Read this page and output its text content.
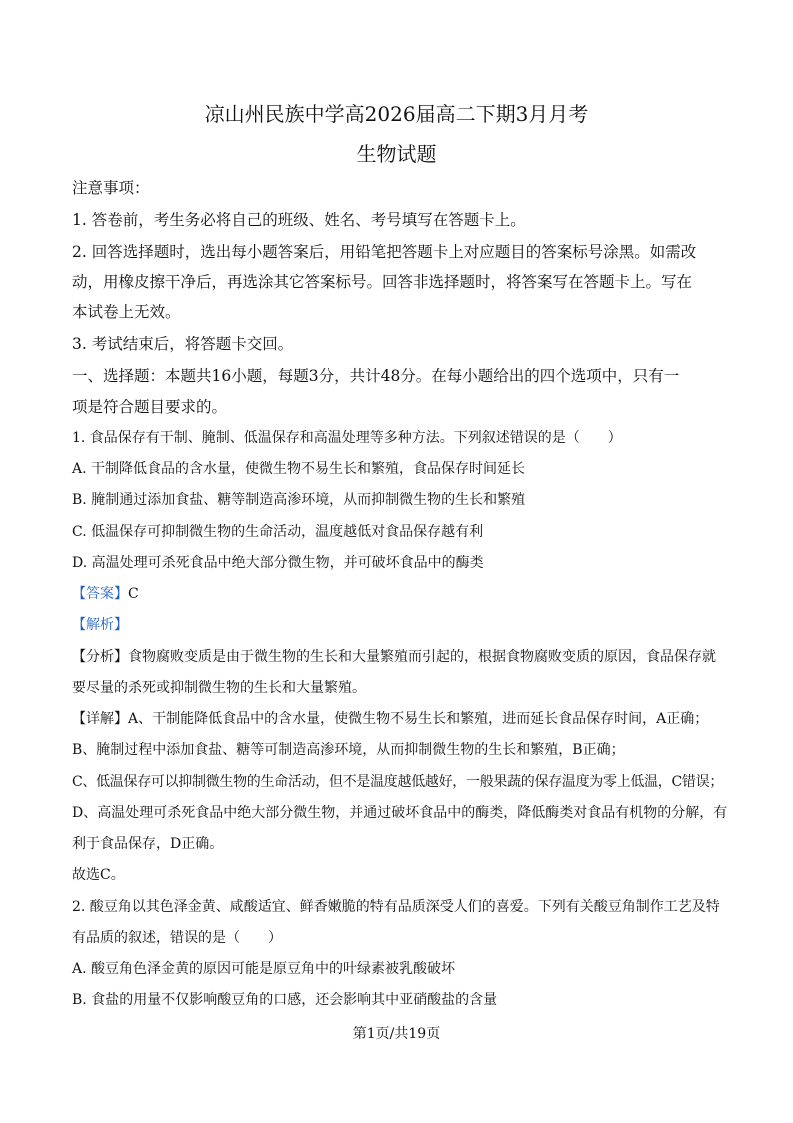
凉山州民族中学高2026届高二下期3月月考
生物试题
注意事项：
1. 答卷前，考生务必将自己的班级、姓名、考号填写在答题卡上。
2. 回答选择题时，选出每小题答案后，用铅笔把答题卡上对应题目的答案标号涂黑。如需改
动，用橡皮擦干净后，再选涂其它答案标号。回答非选择题时，将答案写在答题卡上。写在
本试卷上无效。
3. 考试结束后，将答题卡交回。
一、选择题：本题共16小题，每题3分，共计48分。在每小题给出的四个选项中，只有一
项是符合题目要求的。
1. 食品保存有干制、腌制、低温保存和高温处理等多种方法。下列叙述错误的是（　　）
A. 干制降低食品的含水量，使微生物不易生长和繁殖，食品保存时间延长
B. 腌制通过添加食盐、糖等制造高渗环境，从而抑制微生物的生长和繁殖
C. 低温保存可抑制微生物的生命活动，温度越低对食品保存越有利
D. 高温处理可杀死食品中绝大部分微生物，并可破坏食品中的酶类
【答案】C
【解析】
【分析】食物腐败变质是由于微生物的生长和大量繁殖而引起的，根据食物腐败变质的原因，食品保存就
要尽量的杀死或抑制微生物的生长和大量繁殖。
【详解】A、干制能降低食品中的含水量，使微生物不易生长和繁殖，进而延长食品保存时间，A正确；
B、腌制过程中添加食盐、糖等可制造高渗环境，从而抑制微生物的生长和繁殖，B正确；
C、低温保存可以抑制微生物的生命活动，但不是温度越低越好，一般果蔬的保存温度为零上低温，C错误；
D、高温处理可杀死食品中绝大部分微生物，并通过破坏食品中的酶类，降低酶类对食品有机物的分解，有
利于食品保存，D正确。
故选C。
2. 酸豆角以其色泽金黄、咸酸适宜、鲜香嫩脆的特有品质深受人们的喜爱。下列有关酸豆角制作工艺及特
有品质的叙述，错误的是（　　）
A. 酸豆角色泽金黄的原因可能是原豆角中的叶绿素被乳酸破坏
B. 食盐的用量不仅影响酸豆角的口感，还会影响其中亚硝酸盐的含量
第1页/共19页
